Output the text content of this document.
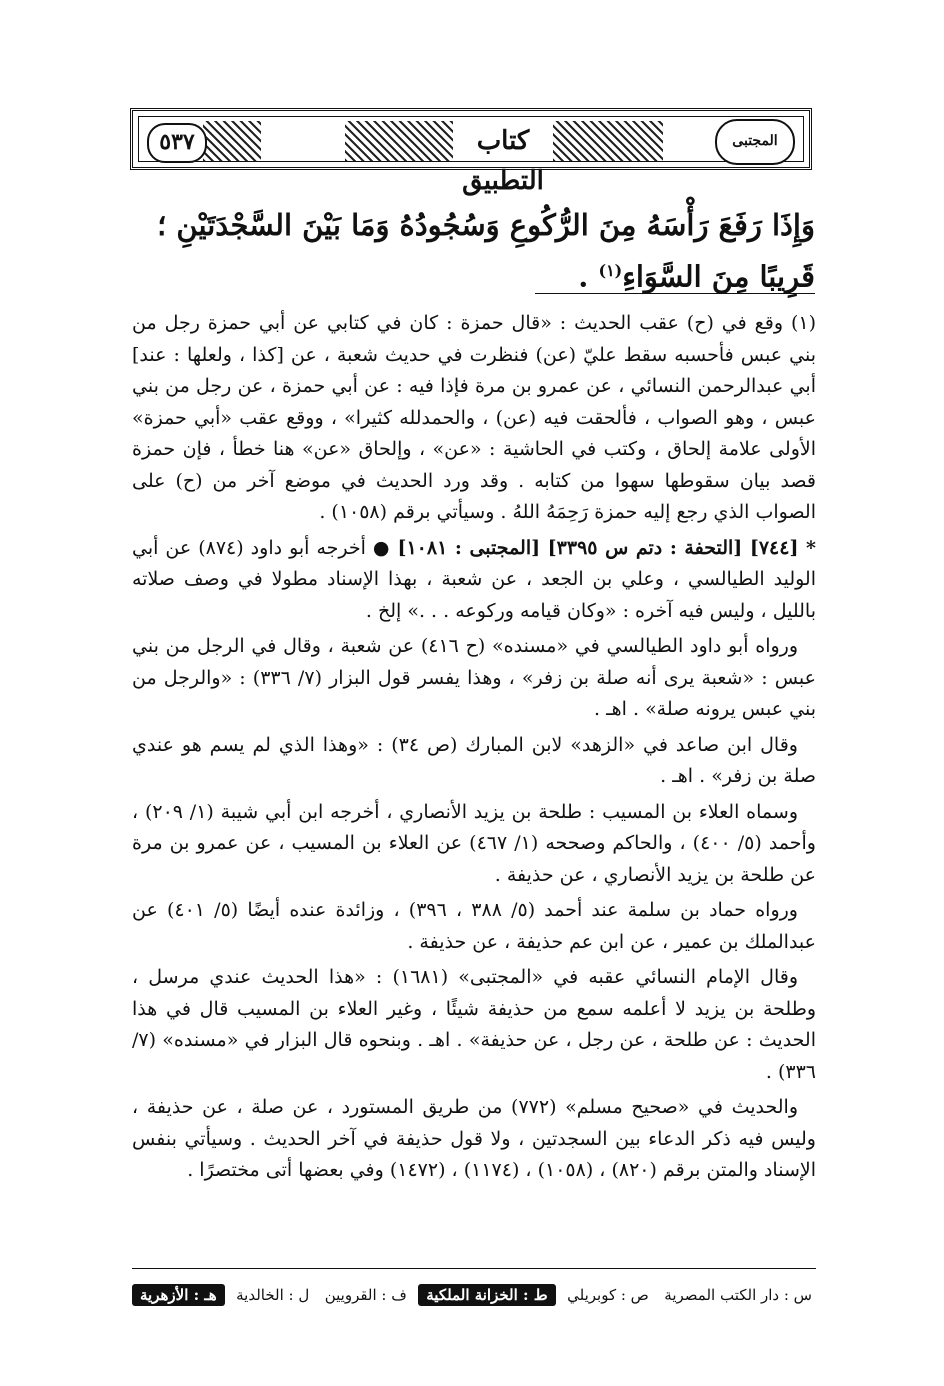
٥٣٧	كتاب التطبيق
المجتبى
وَإِذَا رَفَعَ رَأْسَهُ مِنَ الرُّكُوعِ وَسُجُودُهُ وَمَا بَيْنَ السَّجْدَتَيْنِ ؛ قَرِيبًا مِنَ السَّوَاءِ$^{(١)}$ .

(١) وقع في (ح) عقب الحديث : «قال حمزة : كان في كتابي عن أبي حمزة رجل من بني عبس فأحسبه سقط عليّ (عن) فنظرت في حديث شعبة ، عن [كذا ، ولعلها : عند] أبي عبدالرحمن النسائي ، عن عمرو بن مرة فإذا فيه : عن أبي حمزة ، عن رجل من بني عبس ، وهو الصواب ، فألحقت فيه (عن) ، والحمدلله كثيرا» ، ووقع عقب «أبي حمزة» الأولى علامة إلحاق ، وكتب في الحاشية : «عن» ، وإلحاق «عن» هنا خطأ ، فإن حمزة قصد بيان سقوطها سهوا من كتابه . وقد ورد الحديث في موضع آخر من (ح) على الصواب الذي رجع إليه حمزة رَحِمَهُ اللهُ . وسيأتي برقم (١٠٥٨) .

* [٧٤٤] [التحفة : دتم س ٣٣٩٥] [المجتبى : ١٠٨١] ● أخرجه أبو داود (٨٧٤) عن أبي الوليد الطيالسي ، وعلي بن الجعد ، عن شعبة ، بهذا الإسناد مطولا في وصف صلاته بالليل ، وليس فيه آخره : «وكان قيامه وركوعه . . .» إلخ .

ورواه أبو داود الطيالسي في «مسنده» (ح ٤١٦) عن شعبة ، وقال في الرجل من بني عبس : «شعبة يرى أنه صلة بن زفر» ، وهذا يفسر قول البزار (٧/ ٣٣٦) : «والرجل من بني عبس يرونه صلة» . اهـ .

وقال ابن صاعد في «الزهد» لابن المبارك (ص ٣٤) : «وهذا الذي لم يسم هو عندي صلة بن زفر» . اهـ .

وسماه العلاء بن المسيب : طلحة بن يزيد الأنصاري ، أخرجه ابن أبي شيبة (١/ ٢٠٩) ، وأحمد (٥/ ٤٠٠) ، والحاكم وصححه (١/ ٤٦٧) عن العلاء بن المسيب ، عن عمرو بن مرة عن طلحة بن يزيد الأنصاري ، عن حذيفة .

ورواه حماد بن سلمة عند أحمد (٥/ ٣٨٨ ، ٣٩٦) ، وزائدة عنده أيضًا (٥/ ٤٠١) عن عبدالملك بن عمير ، عن ابن عم حذيفة ، عن حذيفة .

وقال الإمام النسائي عقبه في «المجتبى» (١٦٨١) : «هذا الحديث عندي مرسل ، وطلحة بن يزيد لا أعلمه سمع من حذيفة شيئًا ، وغير العلاء بن المسيب قال في هذا الحديث : عن طلحة ، عن رجل ، عن حذيفة» . اهـ . وبنحوه قال البزار في «مسنده» (٧/ ٣٣٦) .

والحديث في «صحيح مسلم» (٧٧٢) من طريق المستورد ، عن صلة ، عن حذيفة ، وليس فيه ذكر الدعاء بين السجدتين ، ولا قول حذيفة في آخر الحديث . وسيأتي بنفس الإسناد والمتن برقم (٨٢٠) ، (١٠٥٨) ، (١١٧٤) ، (١٤٧٢) وفي بعضها أتى مختصرًا .

س : دار الكتب المصرية
ص : كوبريلي
ط : الخزانة الملكية
ف : القرويين
ل : الخالدية
هـ : الأزهرية
